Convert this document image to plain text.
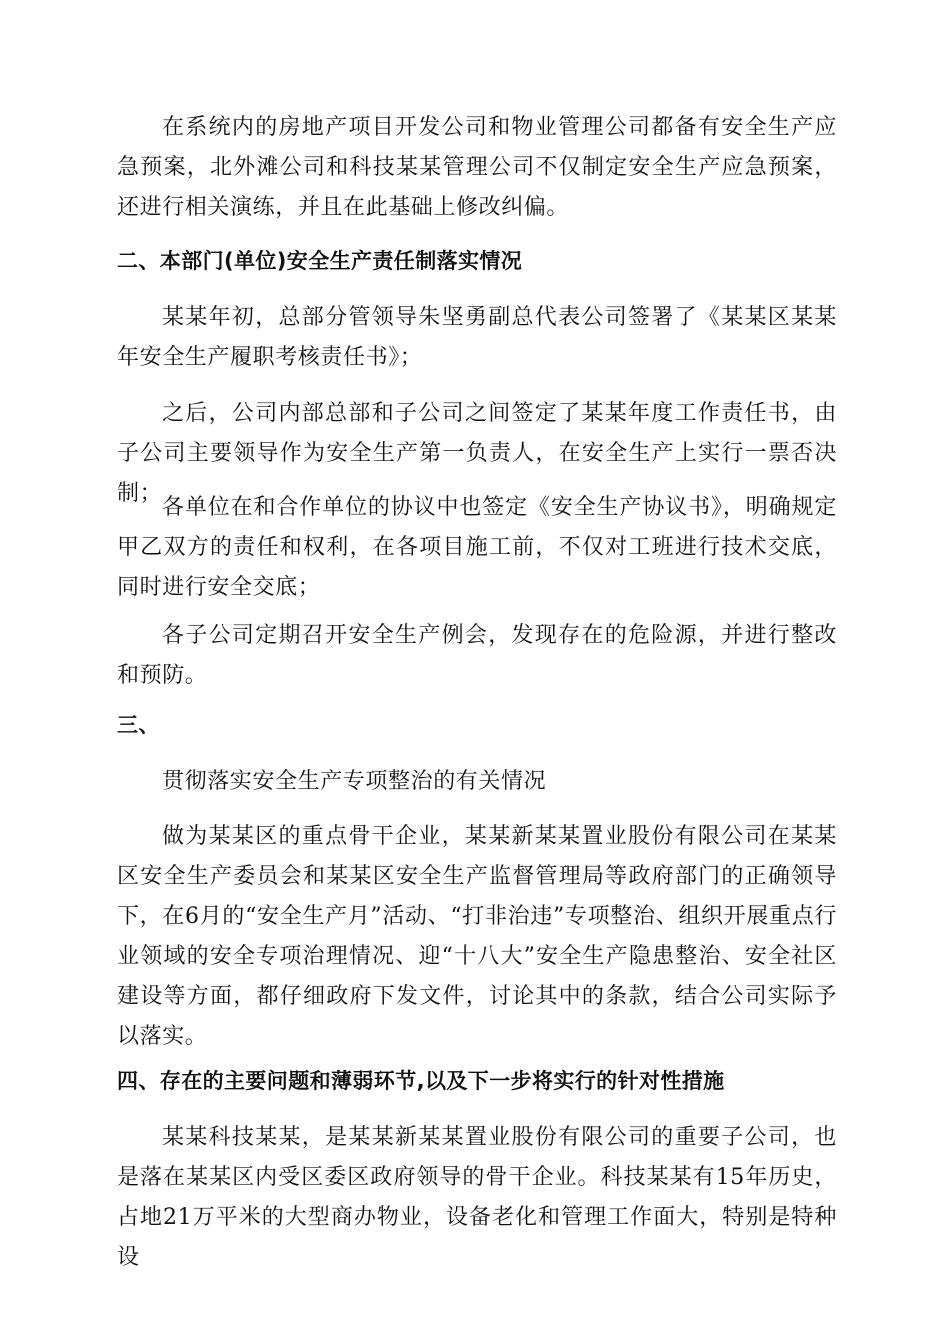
在系统内的房地产项目开发公司和物业管理公司都备有安全生产应急预案，北外滩公司和科技某某管理公司不仅制定安全生产应急预案，还进行相关演练，并且在此基础上修改纠偏。

二、本部门(单位)安全生产责任制落实情况

某某年初，总部分管领导朱坚勇副总代表公司签署了《某某区某某年安全生产履职考核责任书》；

之后，公司内部总部和子公司之间签定了某某年度工作责任书，由子公司主要领导作为安全生产第一负责人，在安全生产上实行一票否决制；

各单位在和合作单位的协议中也签定《安全生产协议书》，明确规定甲乙双方的责任和权利，在各项目施工前，不仅对工班进行技术交底，同时进行安全交底；

各子公司定期召开安全生产例会，发现存在的危险源，并进行整改和预防。

三、

贯彻落实安全生产专项整治的有关情况

做为某某区的重点骨干企业，某某新某某置业股份有限公司在某某区安全生产委员会和某某区安全生产监督管理局等政府部门的正确领导下，在6月的“安全生产月”活动、“打非治违”专项整治、组织开展重点行业领域的安全专项治理情况、迎“十八大”安全生产隐患整治、安全社区建设等方面，都仔细政府下发文件，讨论其中的条款，结合公司实际予以落实。

四、存在的主要问题和薄弱环节,以及下一步将实行的针对性措施

某某科技某某，是某某新某某置业股份有限公司的重要子公司，也是落在某某区内受区委区政府领导的骨干企业。科技某某有15年历史，占地21万平米的大型商办物业，设备老化和管理工作面大，特别是特种设
